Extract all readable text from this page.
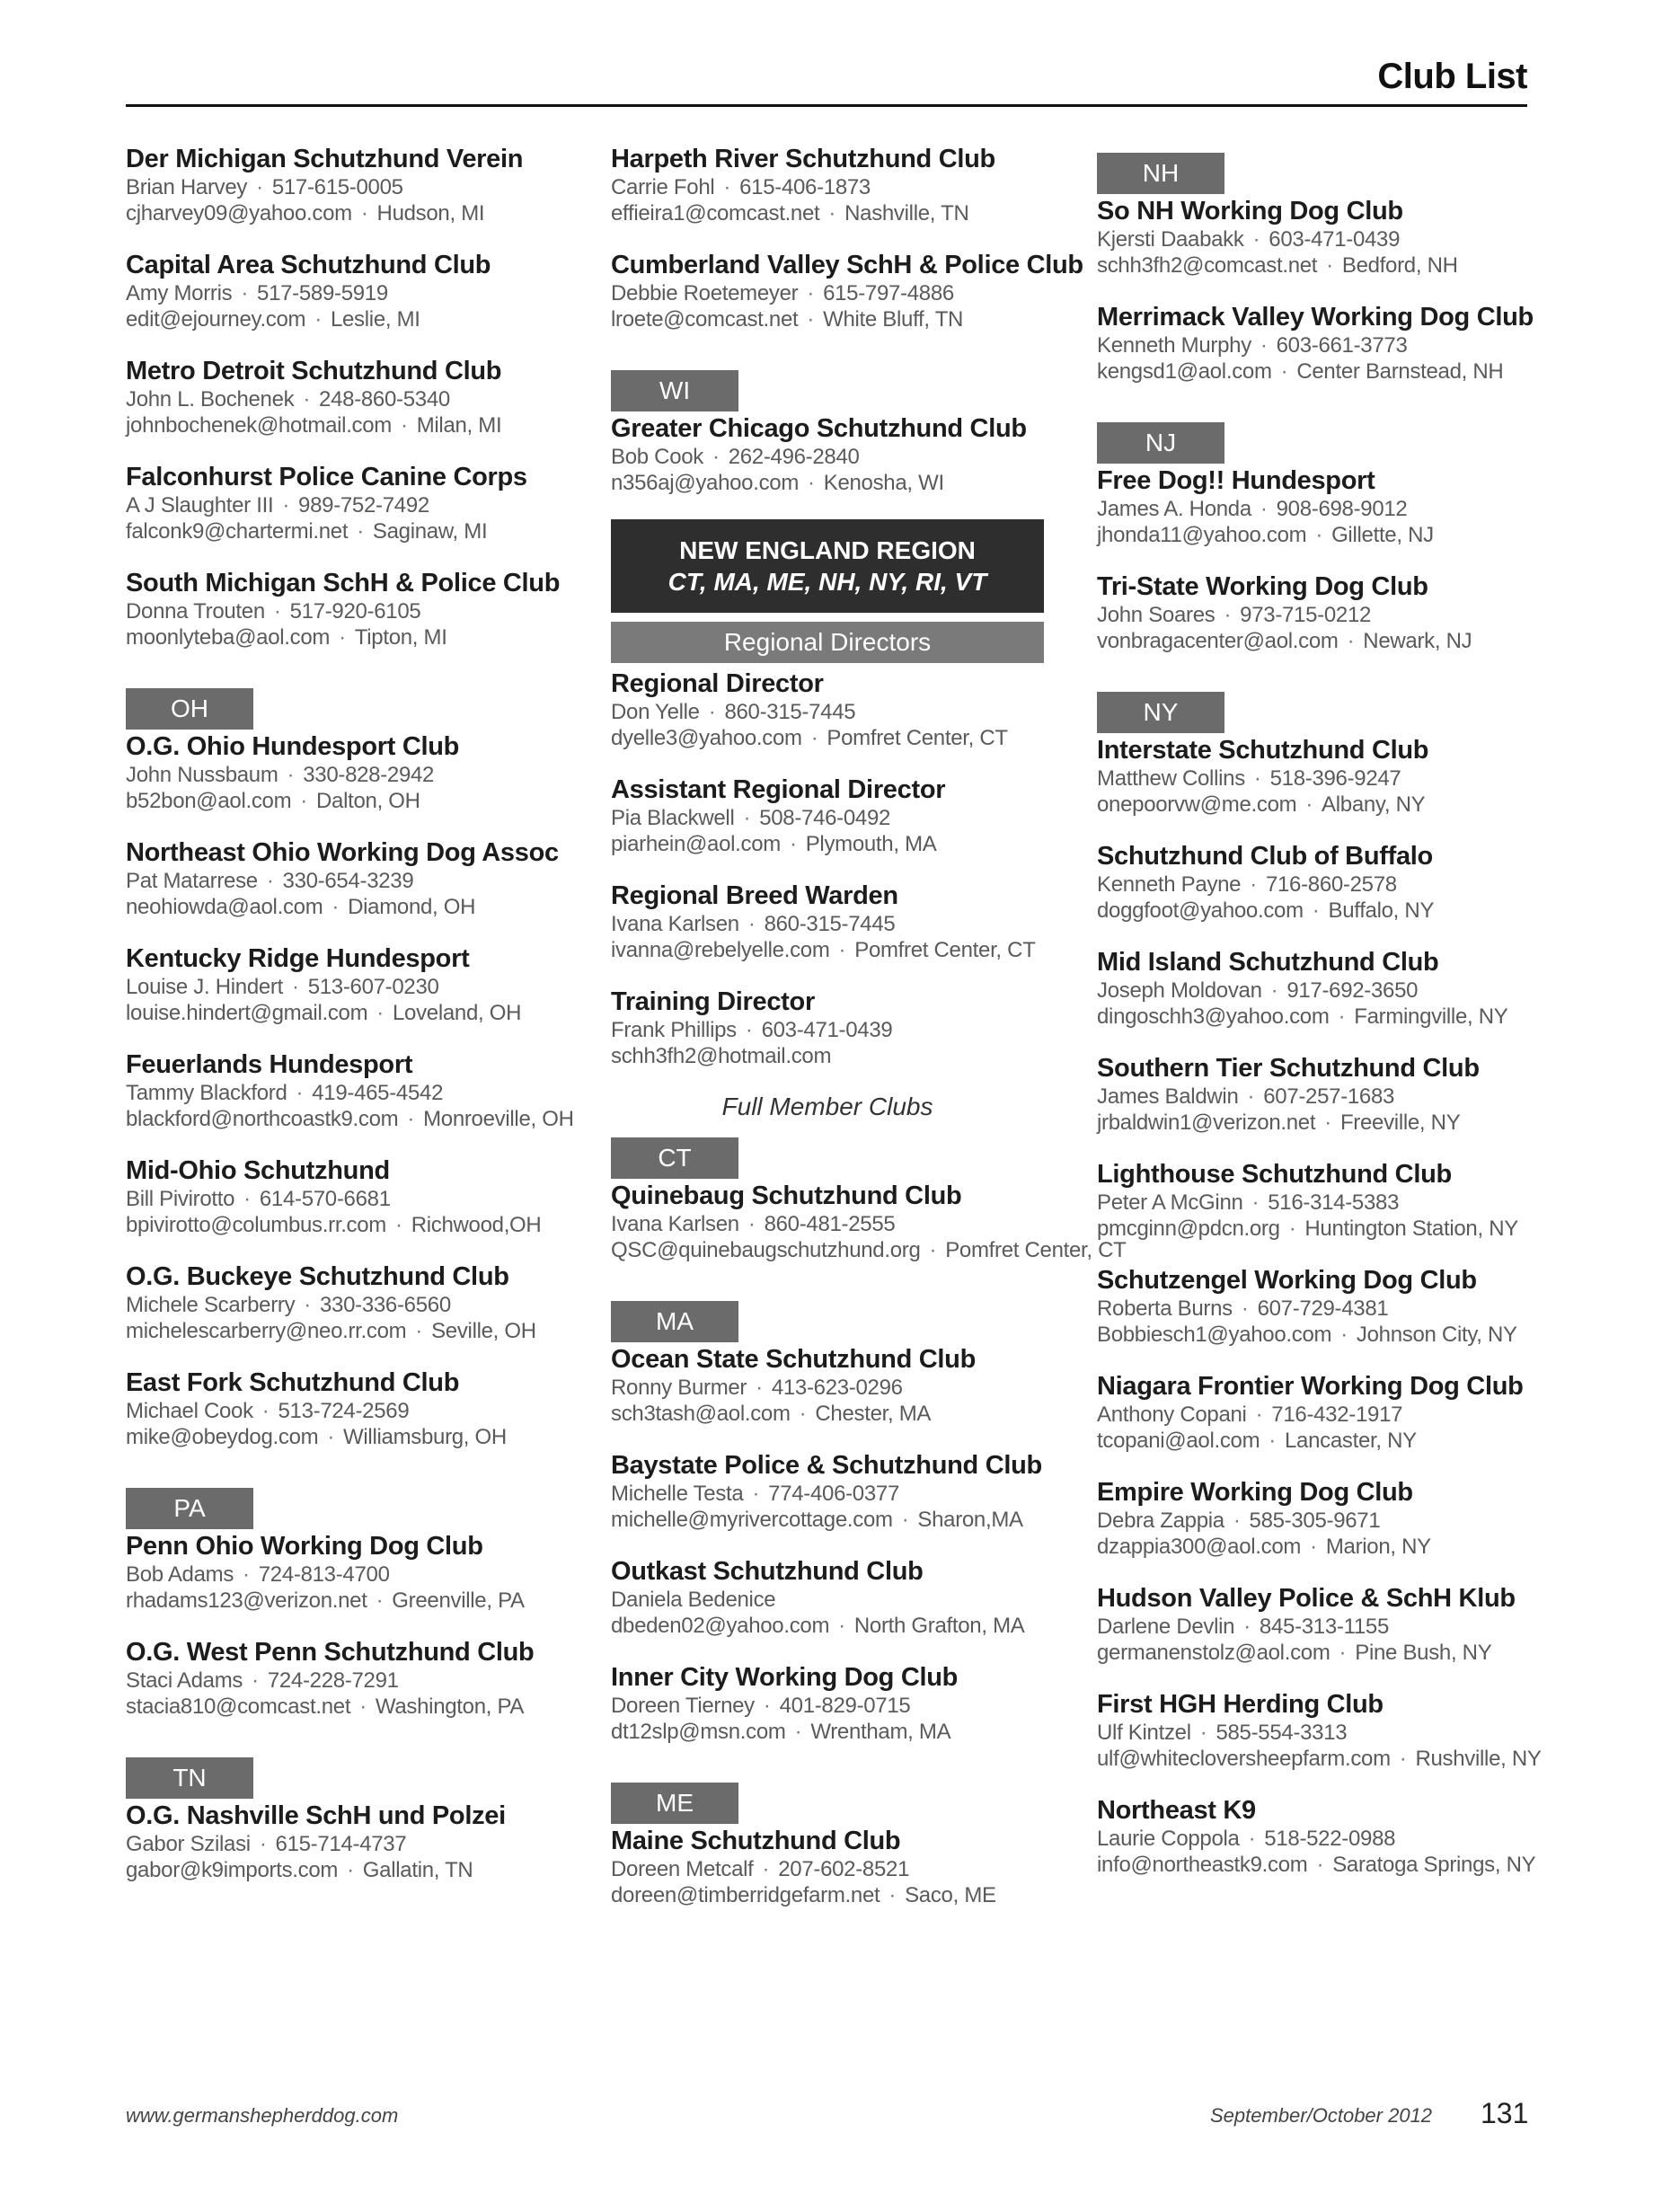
Club List
Der Michigan Schutzhund Verein
Brian Harvey · 517-615-0005
cjharvey09@yahoo.com · Hudson, MI
Capital Area Schutzhund Club
Amy Morris · 517-589-5919
edit@ejourney.com · Leslie, MI
Metro Detroit Schutzhund Club
John L. Bochenek · 248-860-5340
johnbochenek@hotmail.com · Milan, MI
Falconhurst Police Canine Corps
A J Slaughter III · 989-752-7492
falconk9@chartermi.net · Saginaw, MI
South Michigan SchH & Police Club
Donna Trouten · 517-920-6105
moonlyteba@aol.com · Tipton, MI
OH
O.G. Ohio Hundesport Club
John Nussbaum · 330-828-2942
b52bon@aol.com · Dalton, OH
Northeast Ohio Working Dog Assoc
Pat Matarrese · 330-654-3239
neohiowda@aol.com · Diamond, OH
Kentucky Ridge Hundesport
Louise J. Hindert · 513-607-0230
louise.hindert@gmail.com · Loveland, OH
Feuerlands Hundesport
Tammy Blackford · 419-465-4542
blackford@northcoastk9.com · Monroeville, OH
Mid-Ohio Schutzhund
Bill Pivirotto · 614-570-6681
bpivirotto@columbus.rr.com · Richwood,OH
O.G. Buckeye Schutzhund Club
Michele Scarberry · 330-336-6560
michelescarberry@neo.rr.com · Seville, OH
East Fork Schutzhund Club
Michael Cook · 513-724-2569
mike@obeydog.com · Williamsburg, OH
PA
Penn Ohio Working Dog Club
Bob Adams · 724-813-4700
rhadams123@verizon.net · Greenville, PA
O.G. West Penn Schutzhund Club
Staci Adams · 724-228-7291
stacia810@comcast.net · Washington, PA
TN
O.G. Nashville SchH und Polzei
Gabor Szilasi · 615-714-4737
gabor@k9imports.com · Gallatin, TN
Harpeth River Schutzhund Club
Carrie Fohl · 615-406-1873
effieira1@comcast.net · Nashville, TN
Cumberland Valley SchH & Police Club
Debbie Roetemeyer · 615-797-4886
lroete@comcast.net · White Bluff, TN
WI
Greater Chicago Schutzhund Club
Bob Cook · 262-496-2840
n356aj@yahoo.com · Kenosha, WI
NEW ENGLAND REGION
CT, MA, ME, NH, NY, RI, VT
Regional Directors
Regional Director
Don Yelle · 860-315-7445
dyelle3@yahoo.com · Pomfret Center, CT
Assistant Regional Director
Pia Blackwell · 508-746-0492
piarhein@aol.com · Plymouth, MA
Regional Breed Warden
Ivana Karlsen · 860-315-7445
ivanna@rebelyelle.com · Pomfret Center, CT
Training Director
Frank Phillips · 603-471-0439
schh3fh2@hotmail.com
Full Member Clubs
CT
Quinebaug Schutzhund Club
Ivana Karlsen · 860-481-2555
QSC@quinebaugschutzhund.org · Pomfret Center, CT
MA
Ocean State Schutzhund Club
Ronny Burmer · 413-623-0296
sch3tash@aol.com · Chester, MA
Baystate Police & Schutzhund Club
Michelle Testa · 774-406-0377
michelle@myrivercottage.com · Sharon,MA
Outkast Schutzhund Club
Daniela Bedenice
dbeden02@yahoo.com · North Grafton, MA
Inner City Working Dog Club
Doreen Tierney · 401-829-0715
dt12slp@msn.com · Wrentham, MA
ME
Maine Schutzhund Club
Doreen Metcalf · 207-602-8521
doreen@timberridgefarm.net · Saco, ME
NH
So NH Working Dog Club
Kjersti Daabakk · 603-471-0439
schh3fh2@comcast.net · Bedford, NH
Merrimack Valley Working Dog Club
Kenneth Murphy · 603-661-3773
kengsd1@aol.com · Center Barnstead, NH
NJ
Free Dog!! Hundesport
James A. Honda · 908-698-9012
jhonda11@yahoo.com · Gillette, NJ
Tri-State Working Dog Club
John Soares · 973-715-0212
vonbragacenter@aol.com · Newark, NJ
NY
Interstate Schutzhund Club
Matthew Collins · 518-396-9247
onepoorvw@me.com · Albany, NY
Schutzhund Club of Buffalo
Kenneth Payne · 716-860-2578
doggfoot@yahoo.com · Buffalo, NY
Mid Island Schutzhund Club
Joseph Moldovan · 917-692-3650
dingoschh3@yahoo.com · Farmingville, NY
Southern Tier Schutzhund Club
James Baldwin · 607-257-1683
jrbaldwin1@verizon.net · Freeville, NY
Lighthouse Schutzhund Club
Peter A McGinn · 516-314-5383
pmcginn@pdcn.org · Huntington Station, NY
Schutzengel Working Dog Club
Roberta Burns · 607-729-4381
Bobbiesch1@yahoo.com · Johnson City, NY
Niagara Frontier Working Dog Club
Anthony Copani · 716-432-1917
tcopani@aol.com · Lancaster, NY
Empire Working Dog Club
Debra Zappia · 585-305-9671
dzappia300@aol.com · Marion, NY
Hudson Valley Police & SchH Klub
Darlene Devlin · 845-313-1155
germanenstolz@aol.com · Pine Bush, NY
First HGH Herding Club
Ulf Kintzel · 585-554-3313
ulf@whitecloversheepfarm.com · Rushville, NY
Northeast K9
Laurie Coppola · 518-522-0988
info@northeastk9.com · Saratoga Springs, NY
www.germanshepherddog.com	September/October 2012 131
